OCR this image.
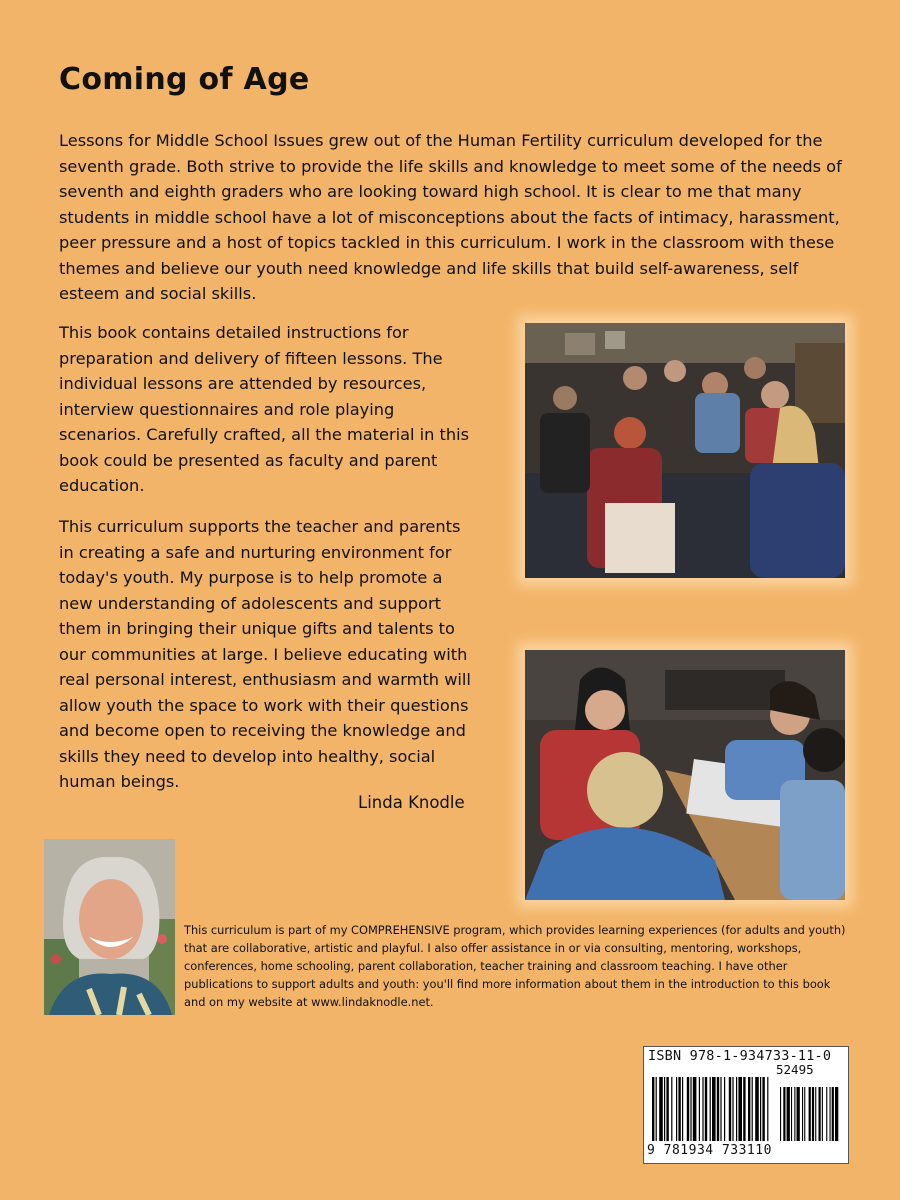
Coming of Age

Lessons for Middle School Issues grew out of the Human Fertility curriculum developed for the seventh grade. Both strive to provide the life skills and knowledge to meet some of the needs of seventh and eighth graders who are looking toward high school. It is clear to me that many students in middle school have a lot of misconceptions about the facts of intimacy, harassment, peer pressure and a host of topics tackled in this curriculum. I work in the classroom with these themes and believe our youth need knowledge and life skills that build self-awareness, self esteem and social skills.

This book contains detailed instructions for preparation and delivery of fifteen lessons. The individual lessons are attended by resources, interview questionnaires and role playing scenarios. Carefully crafted, all the material in this book could be presented as faculty and parent education.

This curriculum supports the teacher and parents in creating a safe and nurturing environment for today's youth. My purpose is to help promote a new understanding of adolescents and support them in bringing their unique gifts and talents to our communities at large. I believe educating with real personal interest, enthusiasm and warmth will allow youth the space to work with their questions and become open to receiving the knowledge and skills they need to develop into healthy, social human beings.

Linda Knodle

This curriculum is part of my COMPREHENSIVE program, which provides learning experiences (for adults and youth) that are collaborative, artistic and playful. I also offer assistance in or via consulting, mentoring, workshops, conferences, home schooling, parent collaboration, teacher training and classroom teaching. I have other publications to support adults and youth: you'll find more information about them in the introduction to this book and on my website at www.lindaknodle.net.

ISBN 978-1-934733-11-0

52495

9 781934 733110
